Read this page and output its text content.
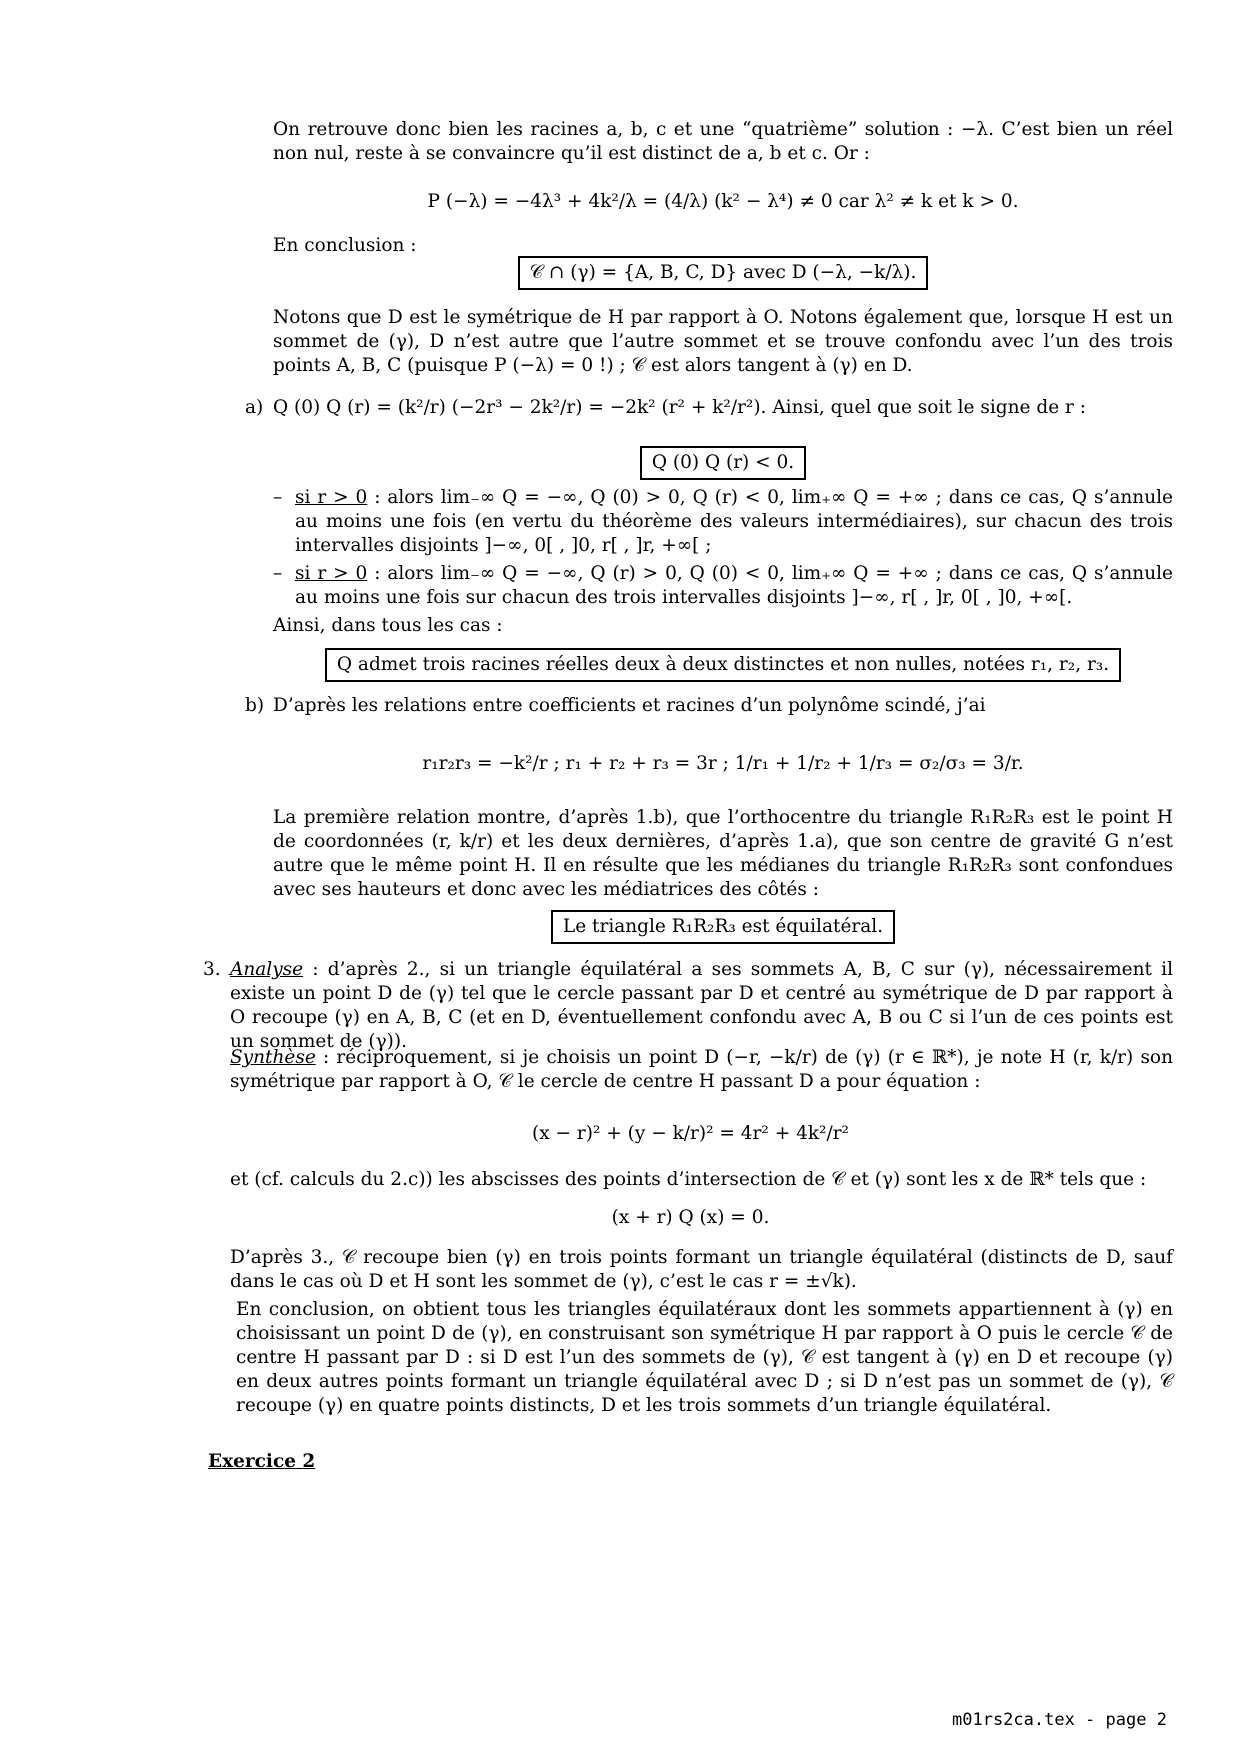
On retrouve donc bien les racines a, b, c et une “quatrième” solution : −λ. C’est bien un réel non nul, reste à se convaincre qu’il est distinct de a, b et c. Or :

P (−λ) = −4λ³ + 4k²/λ = (4/λ) (k² − λ⁴) ≠ 0 car λ² ≠ k et k > 0.

En conclusion :

𝒞 ∩ (γ) = {A, B, C, D} avec D (−λ, −k/λ).

Notons que D est le symétrique de H par rapport à O. Notons également que, lorsque H est un sommet de (γ), D n’est autre que l’autre sommet et se trouve confondu avec l’un des trois points A, B, C (puisque P (−λ) = 0 !) ; 𝒞 est alors tangent à (γ) en D.

a) Q (0) Q (r) = (k²/r) (−2r³ − 2k²/r) = −2k² (r² + k²/r²). Ainsi, quel que soit le signe de r :

Q (0) Q (r) < 0.
– si r > 0 : alors lim₋∞ Q = −∞, Q (0) > 0, Q (r) < 0, lim₊∞ Q = +∞ ; dans ce cas, Q s’annule au moins une fois (en vertu du théorème des valeurs intermédiaires), sur chacun des trois intervalles disjoints ]−∞, 0[ , ]0, r[ , ]r, +∞[ ;

– si r > 0 : alors lim₋∞ Q = −∞, Q (r) > 0, Q (0) < 0, lim₊∞ Q = +∞ ; dans ce cas, Q s’annule au moins une fois sur chacun des trois intervalles disjoints ]−∞, r[ , ]r, 0[ , ]0, +∞[.

Ainsi, dans tous les cas :

Q admet trois racines réelles deux à deux distinctes et non nulles, notées r₁, r₂, r₃.
b) D’après les relations entre coefficients et racines d’un polynôme scindé, j’ai

r₁r₂r₃ = −k²/r ; r₁ + r₂ + r₃ = 3r ; 1/r₁ + 1/r₂ + 1/r₃ = σ₂/σ₃ = 3/r.

La première relation montre, d’après 1.b), que l’orthocentre du triangle R₁R₂R₃ est le point H de coordonnées (r, k/r) et les deux dernières, d’après 1.a), que son centre de gravité G n’est autre que le même point H. Il en résulte que les médianes du triangle R₁R₂R₃ sont confondues avec ses hauteurs et donc avec les médiatrices des côtés :

Le triangle R₁R₂R₃ est équilatéral.
3. Analyse : d’après 2., si un triangle équilatéral a ses sommets A, B, C sur (γ), nécessairement il existe un point D de (γ) tel que le cercle passant par D et centré au symétrique de D par rapport à O recoupe (γ) en A, B, C (et en D, éventuellement confondu avec A, B ou C si l’un de ces points est un sommet de (γ)).

Synthèse : réciproquement, si je choisis un point D (−r, −k/r) de (γ) (r ∈ ℝ*), je note H (r, k/r) son symétrique par rapport à O, 𝒞 le cercle de centre H passant D a pour équation :

(x − r)² + (y − k/r)² = 4r² + 4k²/r²

et (cf. calculs du 2.c)) les abscisses des points d’intersection de 𝒞 et (γ) sont les x de ℝ* tels que :

(x + r) Q (x) = 0.

D’après 3., 𝒞 recoupe bien (γ) en trois points formant un triangle équilatéral (distincts de D, sauf dans le cas où D et H sont les sommet de (γ), c’est le cas r = ±√k).

En conclusion, on obtient tous les triangles équilatéraux dont les sommets appartiennent à (γ) en choisissant un point D de (γ), en construisant son symétrique H par rapport à O puis le cercle 𝒞 de centre H passant par D : si D est l’un des sommets de (γ), 𝒞 est tangent à (γ) en D et recoupe (γ) en deux autres points formant un triangle équilatéral avec D ; si D n’est pas un sommet de (γ), 𝒞 recoupe (γ) en quatre points distincts, D et les trois sommets d’un triangle équilatéral.

Exercice 2
m01rs2ca.tex - page 2
